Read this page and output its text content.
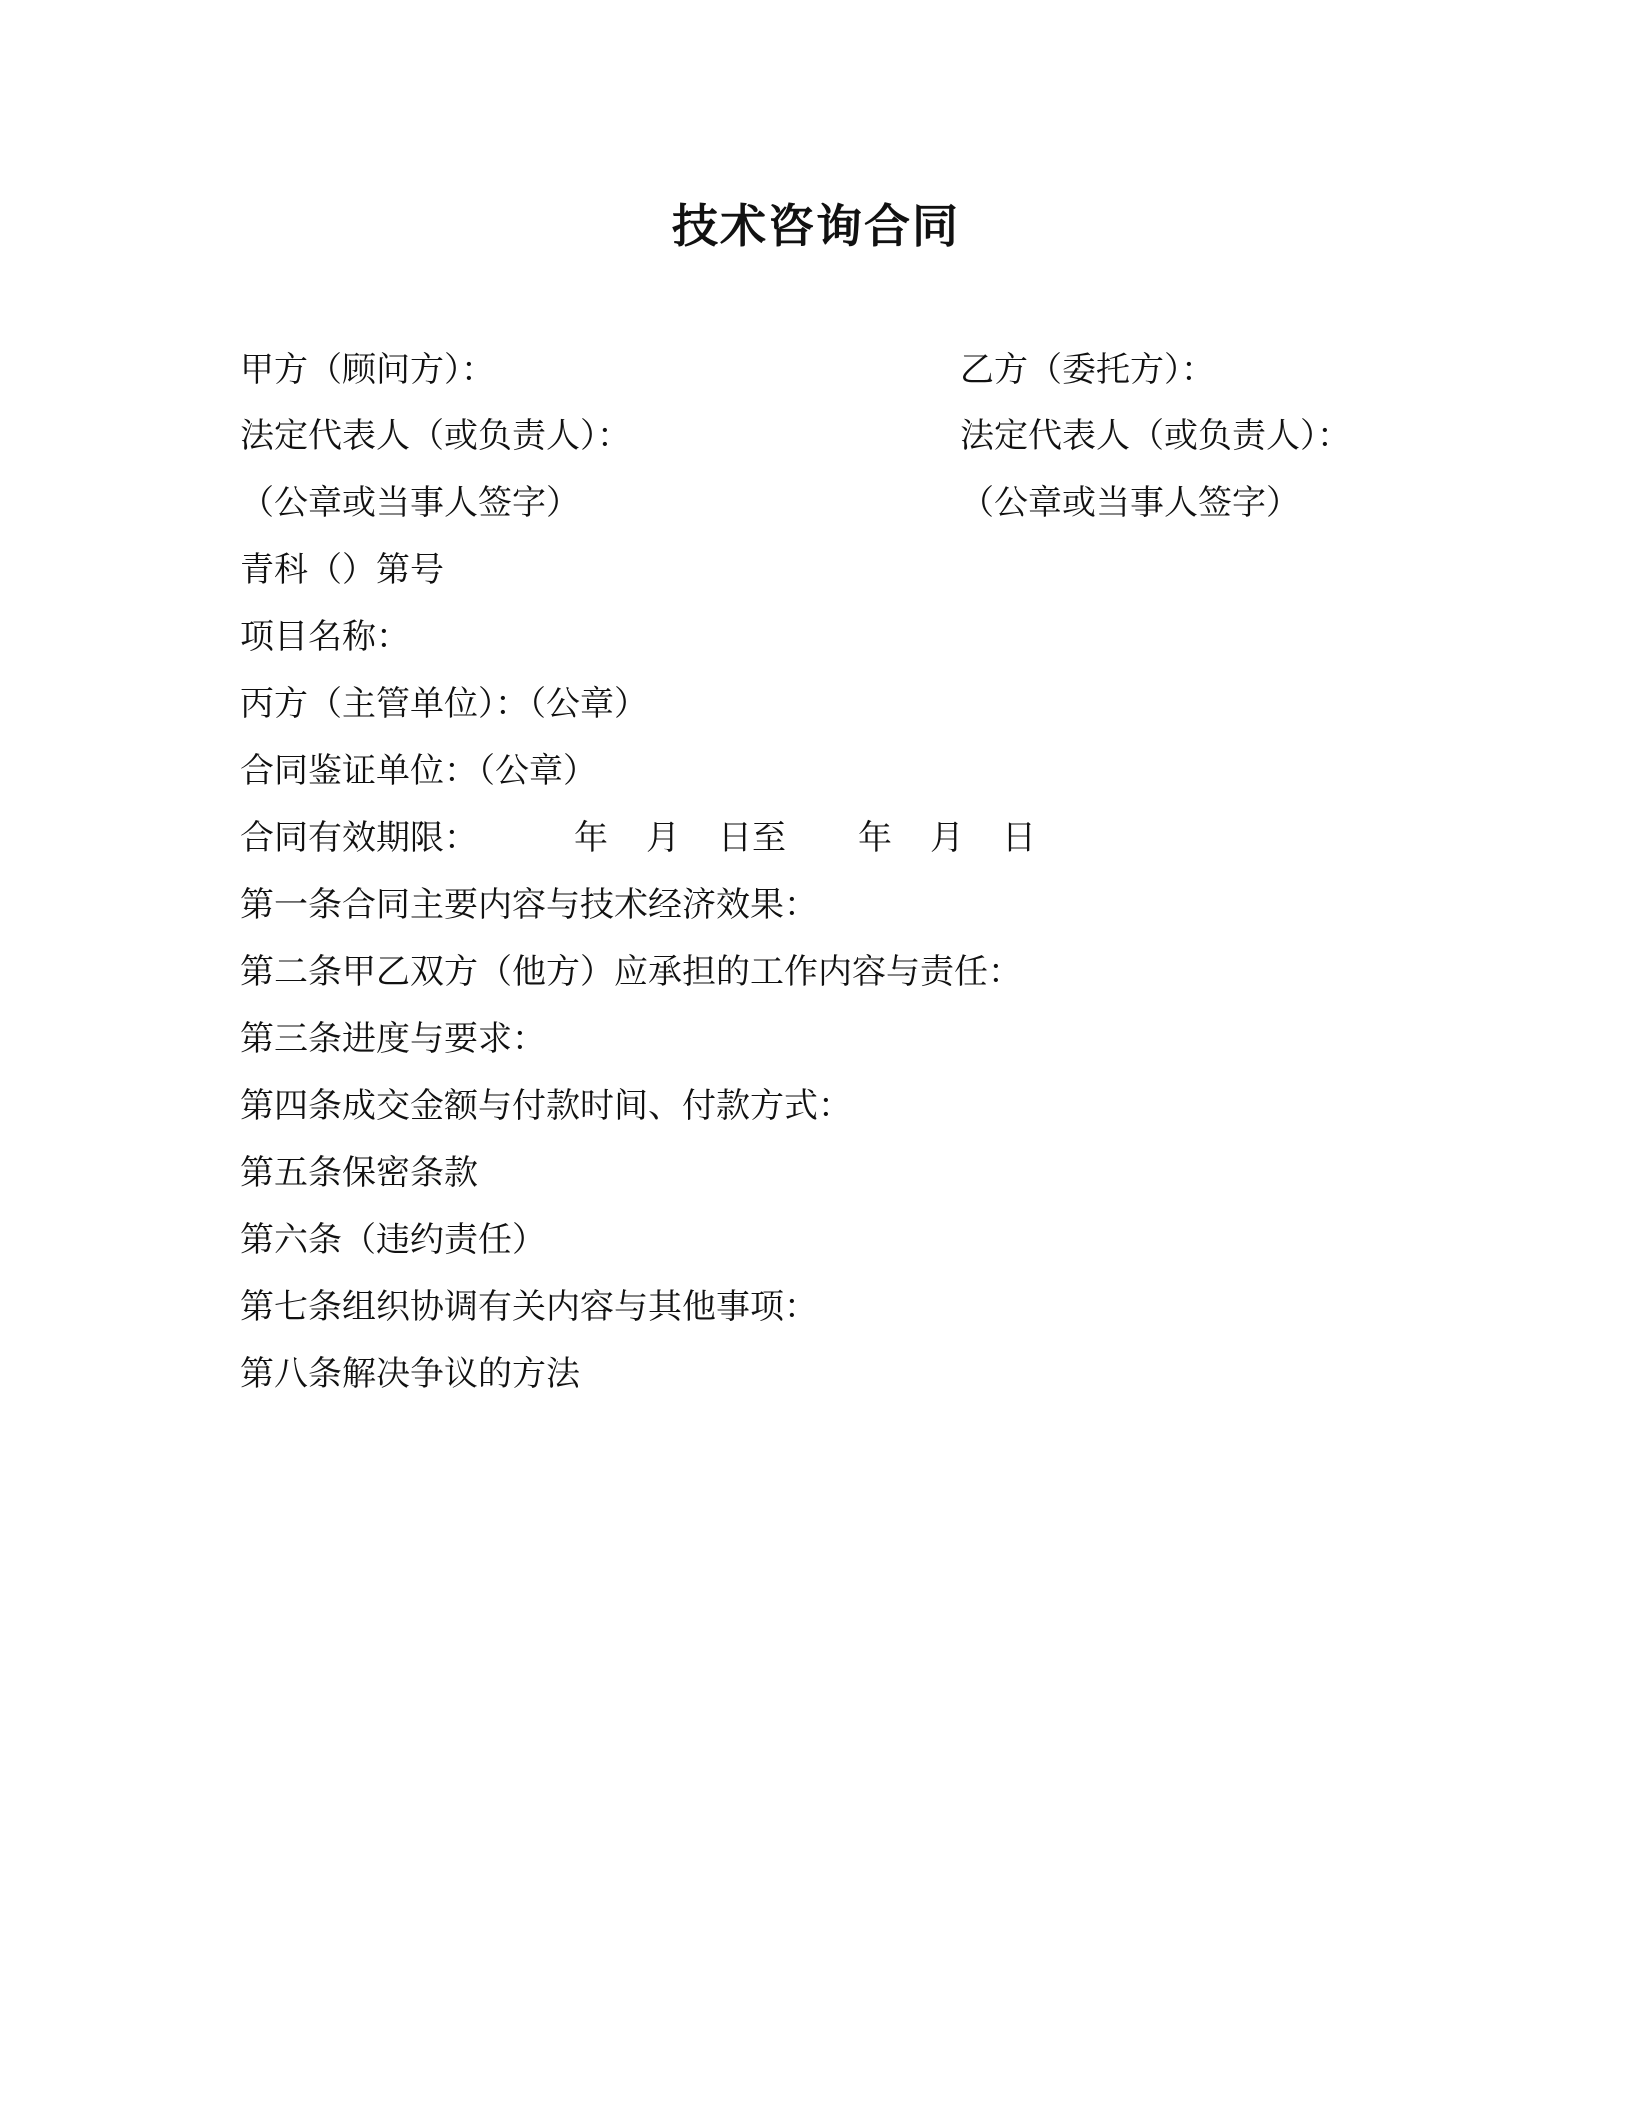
技术咨询合同
甲方（顾问方）：	乙方（委托方）：
法定代表人（或负责人）：	法定代表人（或负责人）：
（公章或当事人签字）	（公章或当事人签字）
青科（）第号
项目名称：
丙方（主管单位）：（公章）
合同鉴证单位：（公章）
合同有效期限：	年 月 日至 年 月 日
第一条合同主要内容与技术经济效果：
第二条甲乙双方（他方）应承担的工作内容与责任：
第三条进度与要求：
第四条成交金额与付款时间、付款方式：
第五条保密条款
第六条（违约责任）
第七条组织协调有关内容与其他事项：
第八条解决争议的方法
